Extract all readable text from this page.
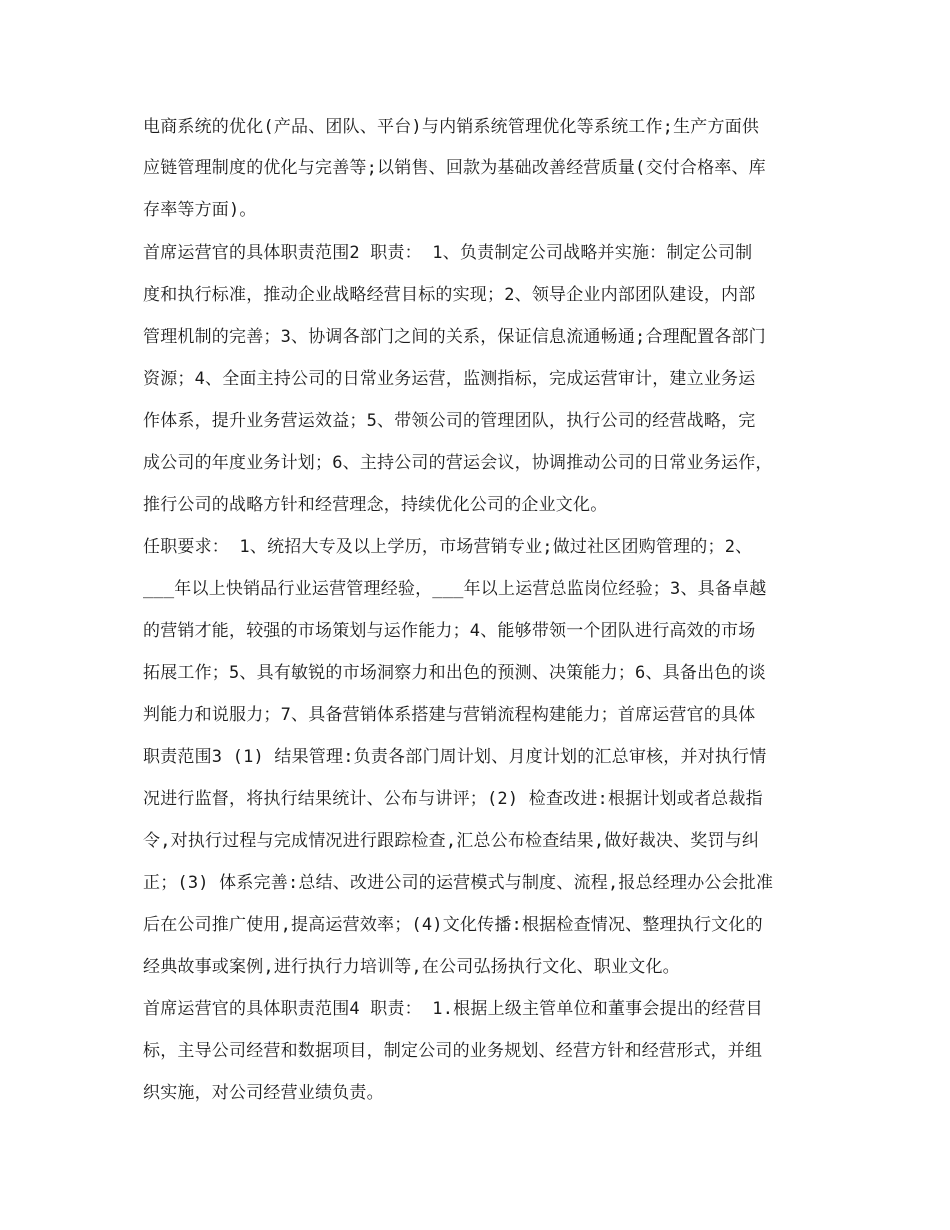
电商系统的优化(产品、团队、平台)与内销系统管理优化等系统工作;生产方面供

应链管理制度的优化与完善等;以销售、回款为基础改善经营质量(交付合格率、库

存率等方面)。

首席运营官的具体职责范围2 职责： 1、负责制定公司战略并实施：制定公司制

度和执行标准，推动企业战略经营目标的实现；2、领导企业内部团队建设，内部

管理机制的完善；3、协调各部门之间的关系，保证信息流通畅通;合理配置各部门

资源；4、全面主持公司的日常业务运营，监测指标，完成运营审计，建立业务运

作体系，提升业务营运效益；5、带领公司的管理团队，执行公司的经营战略，完

成公司的年度业务计划；6、主持公司的营运会议，协调推动公司的日常业务运作，

推行公司的战略方针和经营理念，持续优化公司的企业文化。

任职要求： 1、统招大专及以上学历，市场营销专业;做过社区团购管理的；2、

___年以上快销品行业运营管理经验，___年以上运营总监岗位经验；3、具备卓越

的营销才能，较强的市场策划与运作能力；4、能够带领一个团队进行高效的市场

拓展工作；5、具有敏锐的市场洞察力和出色的预测、决策能力；6、具备出色的谈

判能力和说服力；7、具备营销体系搭建与营销流程构建能力；首席运营官的具体

职责范围3 (1) 结果管理:负责各部门周计划、月度计划的汇总审核，并对执行情

况进行监督，将执行结果统计、公布与讲评；(2) 检查改进:根据计划或者总裁指

令,对执行过程与完成情况进行跟踪检查,汇总公布检查结果,做好裁决、奖罚与纠

正；(3) 体系完善:总结、改进公司的运营模式与制度、流程,报总经理办公会批准

后在公司推广使用,提高运营效率；(4)文化传播:根据检查情况、整理执行文化的

经典故事或案例,进行执行力培训等,在公司弘扬执行文化、职业文化。

首席运营官的具体职责范围4 职责： 1.根据上级主管单位和董事会提出的经营目

标，主导公司经营和数据项目，制定公司的业务规划、经营方针和经营形式，并组

织实施，对公司经营业绩负责。
